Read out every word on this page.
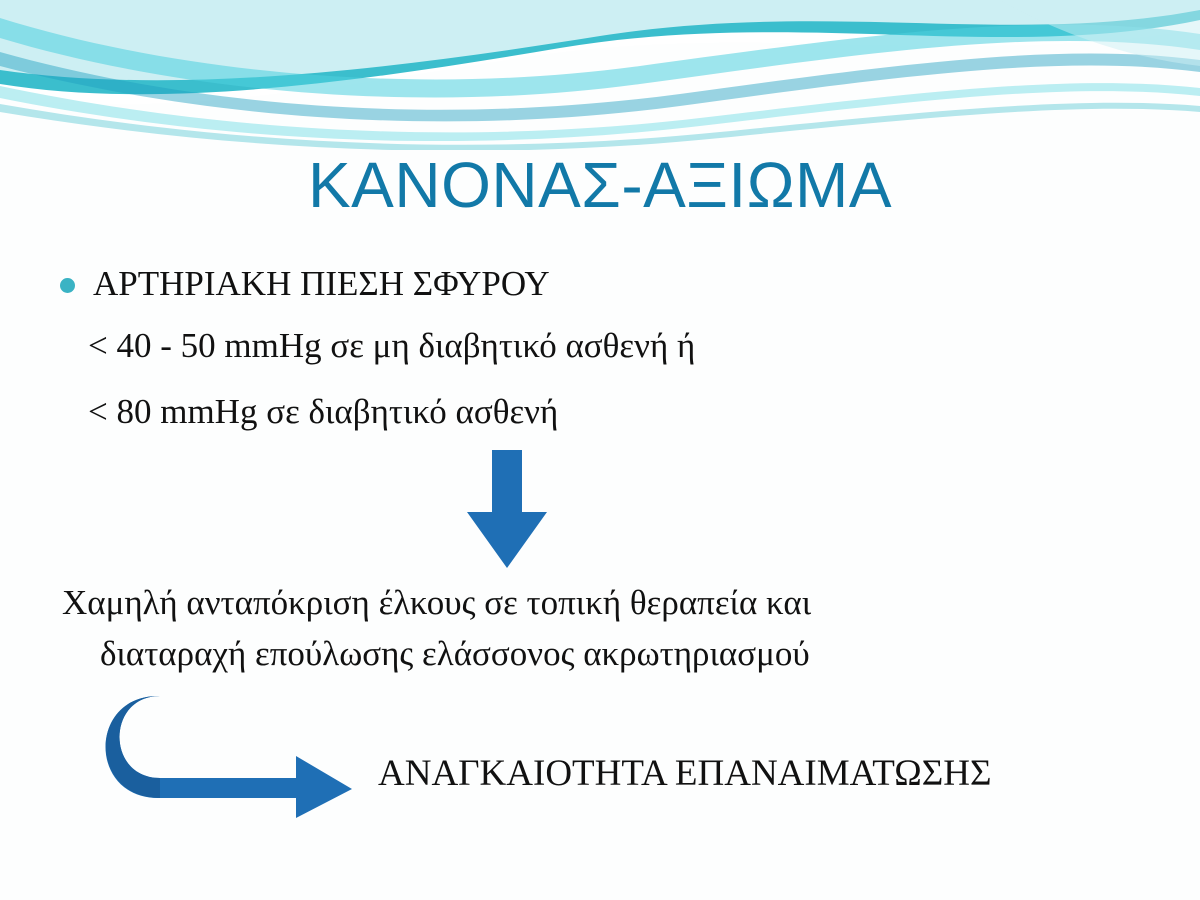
ΚΑΝΟΝΑΣ-ΑΞΙΩΜΑ
ΑΡΤΗΡΙΑΚΗ ΠΙΕΣΗ ΣΦΥΡΟΥ
< 40 - 50 mmHg σε μη διαβητικό ασθενή ή
< 80 mmHg σε διαβητικό ασθενή
Χαμηλή ανταπόκριση έλκους σε τοπική θεραπεία και
διαταραχή επούλωσης ελάσσονος ακρωτηριασμού
ΑΝΑΓΚΑΙΟΤΗΤΑ ΕΠΑΝΑΙΜΑΤΩΣΗΣ
